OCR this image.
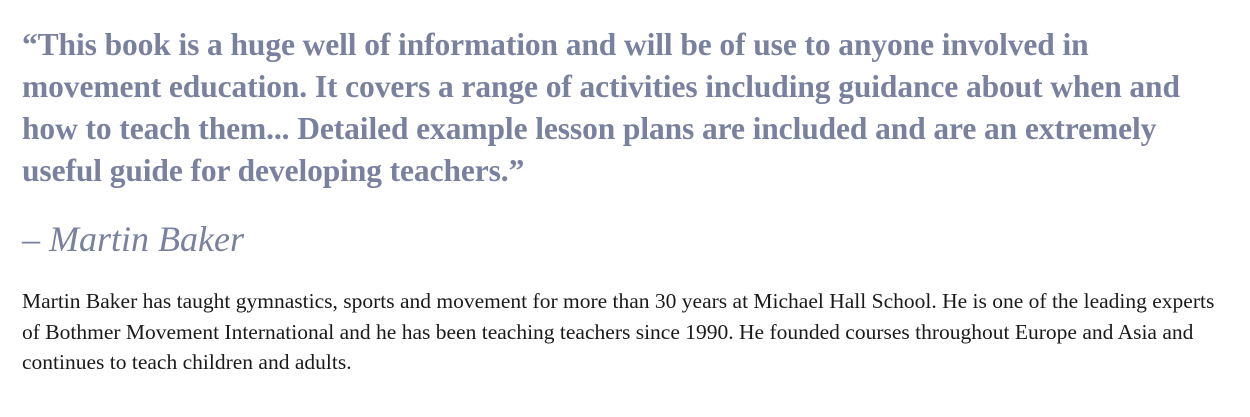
“This book is a huge well of information and will be of use to anyone involved in movement education. It covers a range of activities including guidance about when and how to teach them... Detailed example lesson plans are included and are an extremely useful guide for developing teachers.”

– Martin Baker

Martin Baker has taught gymnastics, sports and movement for more than 30 years at Michael Hall School. He is one of the leading experts of Bothmer Movement International and he has been teaching teachers since 1990. He founded courses throughout Europe and Asia and continues to teach children and adults.
